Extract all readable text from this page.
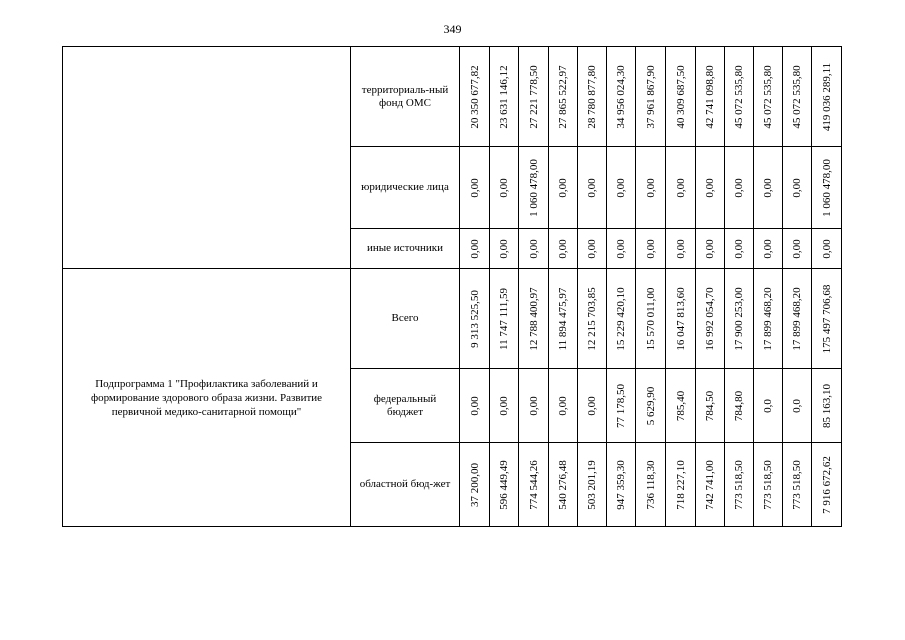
349
	территориаль-ный фонд ОМС	20 350 677,82	23 631 146,12	27 221 778,50	27 865 522,97	28 780 877,80	34 956 024,30	37 961 867,90	40 309 687,50	42 741 098,80	45 072 535,80	45 072 535,80	45 072 535,80	419 036 289,11

	юридические лица	0,00	0,00	1 060 478,00	0,00	0,00	0,00	0,00	0,00	0,00	0,00	0,00	0,00	1 060 478,00

	иные источники	0,00	0,00	0,00	0,00	0,00	0,00	0,00	0,00	0,00	0,00	0,00	0,00	0,00

Подпрограмма 1 "Профилактика заболеваний и формирование здорового образа жизни. Развитие первичной медико-санитарной помощи"	Всего	9 313 525,50	11 747 111,59	12 788 400,97	11 894 475,97	12 215 703,85	15 229 420,10	15 570 011,00	16 047 813,60	16 992 054,70	17 900 253,00	17 899 468,20	17 899 468,20	175 497 706,68

	федеральный бюджет	0,00	0,00	0,00	0,00	0,00	77 178,50	5 629,90	785,40	784,50	784,80	0,0	0,0	85 163,10

	областной бюд-жет	37 200,00	596 449,49	774 544,26	540 276,48	503 201,19	947 359,30	736 118,30	718 227,10	742 741,00	773 518,50	773 518,50	773 518,50	7 916 672,62
